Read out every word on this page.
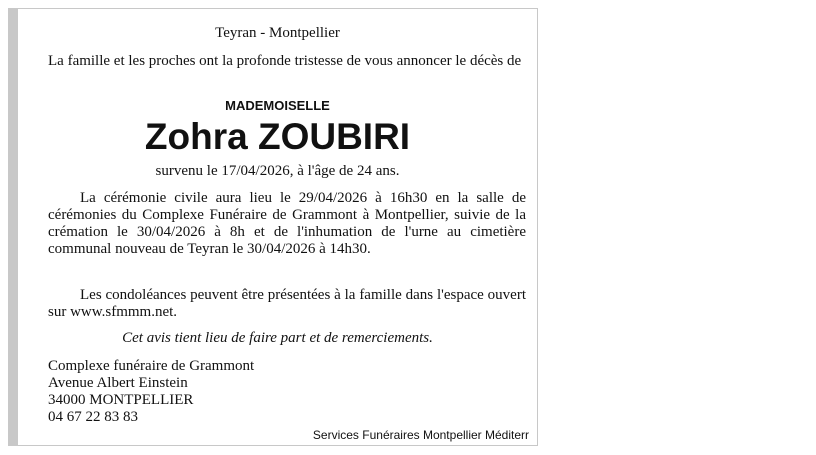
Teyran - Montpellier
La famille et les proches ont la profonde tristesse de vous annoncer le décès de
MADEMOISELLE
Zohra ZOUBIRI
survenu le 17/04/2026, à l'âge de 24 ans.
La cérémonie civile aura lieu le 29/04/2026 à 16h30 en la salle de cérémonies du Complexe Funéraire de Grammont à Montpellier, suivie de la crémation le 30/04/2026 à 8h et de l'inhumation de l'urne au cimetière communal nouveau de Teyran le 30/04/2026 à 14h30.
Les condoléances peuvent être présentées à la famille dans l'espace ouvert sur www.sfmmm.net.
Cet avis tient lieu de faire part et de remerciements.
Complexe funéraire de Grammont
Avenue Albert Einstein
34000 MONTPELLIER
04 67 22 83 83
Services Funéraires Montpellier Méditerr
